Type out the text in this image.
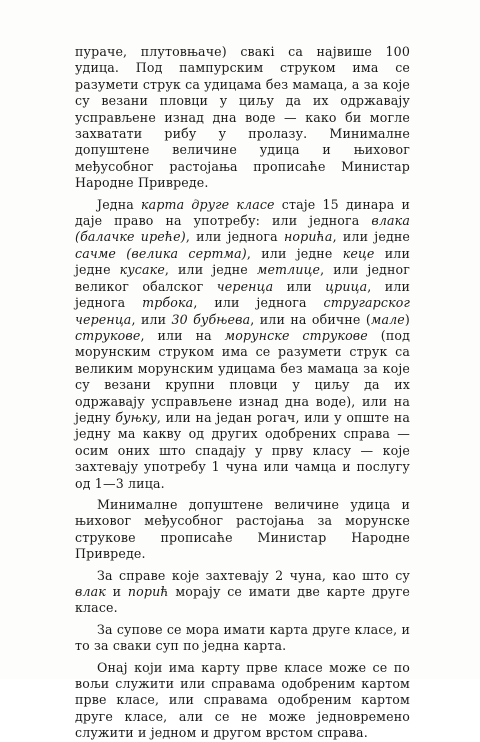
пураче, плутовњаче) свакі са највише 100 удица. Под пампурским струком има се разумети струк са удицама без мамаца, а за које су везани пловци у циљу да их одржавају усправљене изнад дна воде — како би могле захватати рибу у пролазу. Минималне допуштене величине удица и њиховог међусобног растојања прописаће Министар Народне Привреде.

Једна карта друге класе стаје 15 динара и даје право на употребу: или једнога влака (балачке ирећe), или једнога норића, или једне сачме (велика сертма), или једне кеце или једне кусаке, или једне метлице, или једног великог обалског черенца или црица, или једнога трбока, или једнога стругарског черенца, или 30 бубњева, или на обичне (мале) струкове, или на морунске струкове (под морунским струком има се разумети струк са великим морунским удицама без мамаца за које су везани крупни пловци у циљу да их одржавају усправљене изнад дна воде), или на једну буњку, или на један рогач, или у опште на једну ма какву од других одобрених справа — осим оних што спадају у прву класу — које захтевају употребу 1 чуна или чамца и послугу од 1—3 лица.

Минималне допуштене величине удица и њиховог међусобног растојања за морунске струкове прописаће Министар Народне Привреде.

За справе које захтевају 2 чуна, као што су влак и порић морају се имати две карте друге класе.

За супове се мора имати карта друге класе, и то за сваки суп по једна карта.

Онај који има карту прве класе може се по вољи служити или справама одобреним картом прве класе, или справама одобреним картом друге класе, али се не може једновремено служити и једном и другом врстом справа.
